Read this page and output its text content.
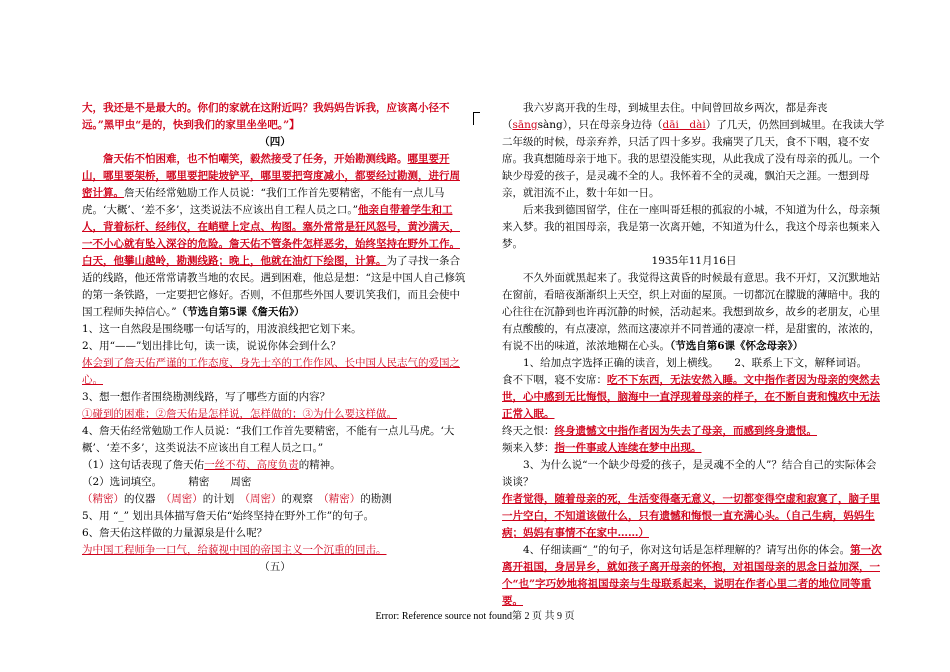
大，我还是不是最大的。你们的家就在这附近吗？我妈妈告诉我，应该离小径不远。”黑甲虫“是的，快到我们的家里坐坐吧。”】

（四）

詹天佑不怕困难，也不怕嘲笑，毅然接受了任务，开始勘测线路。哪里要开山，哪里要架桥，哪里要把陡坡铲平，哪里要把弯度减小，都要经过勘测，进行周密计算。詹天佑经常勉励工作人员说：“我们工作首先要精密，不能有一点儿马虎。‘大概’、‘差不多’，这类说法不应该出自工程人员之口。”他亲自带着学生和工人，背着标杆、经纬仪，在峭壁上定点、构图。塞外常常是狂风怒号，黄沙满天，一不小心就有坠入深谷的危险。詹天佑不管条件怎样恶劣，始终坚持在野外工作。白天，他攀山越岭，勘测线路；晚上，他就在油灯下绘图，计算。为了寻找一条合适的线路，他还常常请教当地的农民。遇到困难，他总是想：“这是中国人自己修筑的第一条铁路，一定要把它修好。否则，不但那些外国人要讥笑我们，而且会使中国工程师失掉信心。”（节选自第5课《詹天佑》）

1、这一自然段是围绕哪一句话写的，用波浪线把它划下来。

2、用“——”划出排比句，读一读，说说你体会到什么？

体会到了詹天佑严谨的工作态度、身先士卒的工作作风、长中国人民志气的爱国之心。

3、想一想作者围绕勘测线路，写了哪些方面的内容？

①碰到的困难；②詹天佑是怎样说，怎样做的；③为什么要这样做。

4、詹天佑经常勉励工作人员说：“我们工作首先要精密，不能有一点儿马虎。‘大概’、‘差不多’，这类说法不应该出自工程人员之口。”

（1）这句话表现了詹天佑一丝不苟、高度负责的精神。

（2）选词填空。　　　精密　　周密

（精密）的仪器　（周密）的计划　（周密）的观察　（精密）的勘测

5、用 “_” 划出具体描写詹天佑“始终坚持在野外工作”的句子。

6、詹天佑这样做的力量源泉是什么呢？

为中国工程师争一口气，给藐视中国的帝国主义一个沉重的回击。

（五）

我六岁离开我的生母，到城里去住。中间曾回故乡两次，都是奔丧（sāngsàng），只在母亲身边待（dāi　dài）了几天，仍然回到城里。在我读大学二年级的时候，母亲弃养，只活了四十多岁。我痛哭了几天，食不下咽，寝不安席。我真想随母亲于地下。我的思望没能实现，从此我成了没有母亲的孤儿。一个缺少母爱的孩子，是灵魂不全的人。我怀着不全的灵魂，飘泊天之涯。一想到母亲，就泪流不止，数十年如一日。

后来我到德国留学，住在一座叫哥廷根的孤寂的小城，不知道为什么，母亲频来入梦。我的祖国母亲，我是第一次离开她，不知道为什么，我这个母亲也频来入梦。

1935年11月16日

不久外面就黑起来了。我觉得这黄昏的时候最有意思。我不开灯，又沉默地站在窗前，看暗夜渐渐织上天空，织上对面的屋顶。一切都沉在朦胧的薄暗中。我的心往往在沉静到也许再沉静的时候，活动起来。我想到故乡，故乡的老朋友，心里有点酸酸的，有点凄凉，然而这凄凉并不同普通的凄凉一样，是甜蜜的，浓浓的，有说不出的味道，浓浓地糊在心头。（节选自第6课《怀念母亲》）

1、给加点字选择正确的读音，划上横线。　　2、联系上下文，解释词语。

食不下咽，寝不安席：吃不下东西，无法安然入睡。文中指作者因为母亲的突然去世，心中感到无比悔恨，脑海中一直浮现着母亲的样子，在不断自责和愧疚中无法正常入眠。

终天之恨：终身遗憾文中指作者因为失去了母亲，而感到终身遗恨。

频来入梦：指一件事或人连续在梦中出现。

3、为什么说“一个缺少母爱的孩子，是灵魂不全的人”？结合自己的实际体会谈谈？

作者觉得，随着母亲的死，生活变得毫无意义，一切都变得空虚和寂寞了，脑子里一片空白，不知道该做什么，只有遗憾和悔恨一直充满心头。（自己生病，妈妈生病；妈妈有事情不在家中……）

4、仔细读画“_”的句子，你对这句话是怎样理解的？请写出你的体会。第一次离开祖国，身居异乡，就如孩子离开母亲的怀抱，对祖国母亲的思念日益加深，一个“也”字巧妙地将祖国母亲与生母联系起来，说明在作者心里二者的地位同等重要。

Error: Reference source not found第 2 页 共 9 页
